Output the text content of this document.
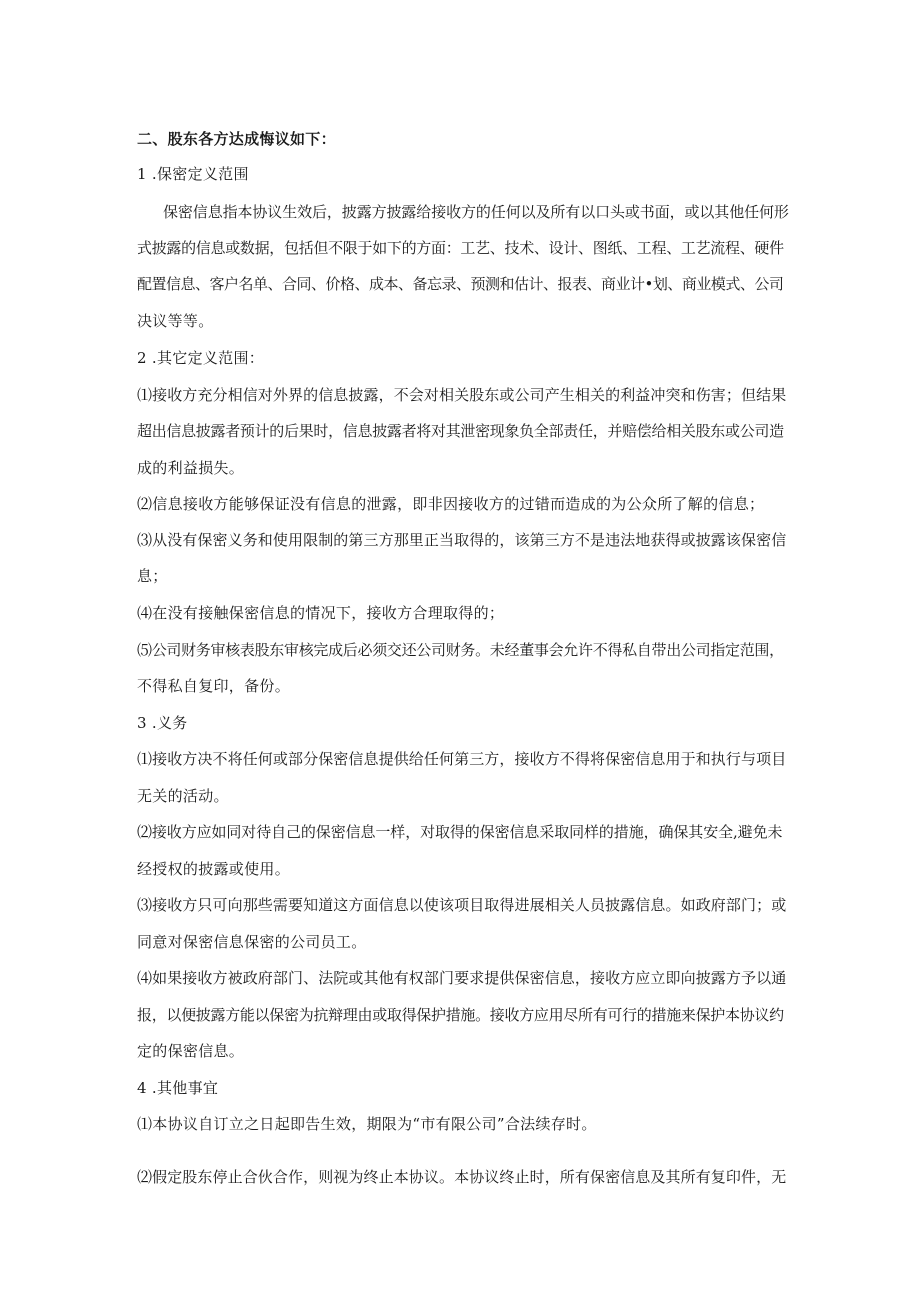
二、股东各方达成悔议如下：
1 .保密定义范围
保密信息指本协议生效后，披露方披露给接收方的任何以及所有以口头或书面，或以其他任何形
式披露的信息或数据，包括但不限于如下的方面：工艺、技术、设计、图纸、工程、工艺流程、硬件
配置信息、客户名单、合同、价格、成本、备忘录、预测和估计、报表、商业计•划、商业模式、公司
决议等等。
2 .其它定义范围：
⑴接收方充分相信对外界的信息披露，不会对相关股东或公司产生相关的利益冲突和伤害；但结果
超出信息披露者预计的后果时，信息披露者将对其泄密现象负全部责任，并赔偿给相关股东或公司造
成的利益损失。
⑵信息接收方能够保证没有信息的泄露，即非因接收方的过错而造成的为公众所了解的信息；
⑶从没有保密义务和使用限制的第三方那里正当取得的，该第三方不是违法地获得或披露该保密信
息；
⑷在没有接触保密信息的情况下，接收方合理取得的；
⑸公司财务审核表股东审核完成后必须交还公司财务。未经董事会允许不得私自带出公司指定范围，
不得私自复印，备份。
3 .义务
⑴接收方决不将任何或部分保密信息提供给任何第三方，接收方不得将保密信息用于和执行与项目
无关的活动。
⑵接收方应如同对待自己的保密信息一样，对取得的保密信息采取同样的措施，确保其安全,避免未
经授权的披露或使用。
⑶接收方只可向那些需要知道这方面信息以使该项目取得进展相关人员披露信息。如政府部门；或
同意对保密信息保密的公司员工。
⑷如果接收方被政府部门、法院或其他有权部门要求提供保密信息，接收方应立即向披露方予以通
报，以便披露方能以保密为抗辩理由或取得保护措施。接收方应用尽所有可行的措施来保护本协议约
定的保密信息。
4 .其他事宜
⑴本协议自订立之日起即告生效，期限为“市有限公司”合法续存时。
⑵假定股东停止合伙合作，则视为终止本协议。本协议终止时，所有保密信息及其所有复印件，无
